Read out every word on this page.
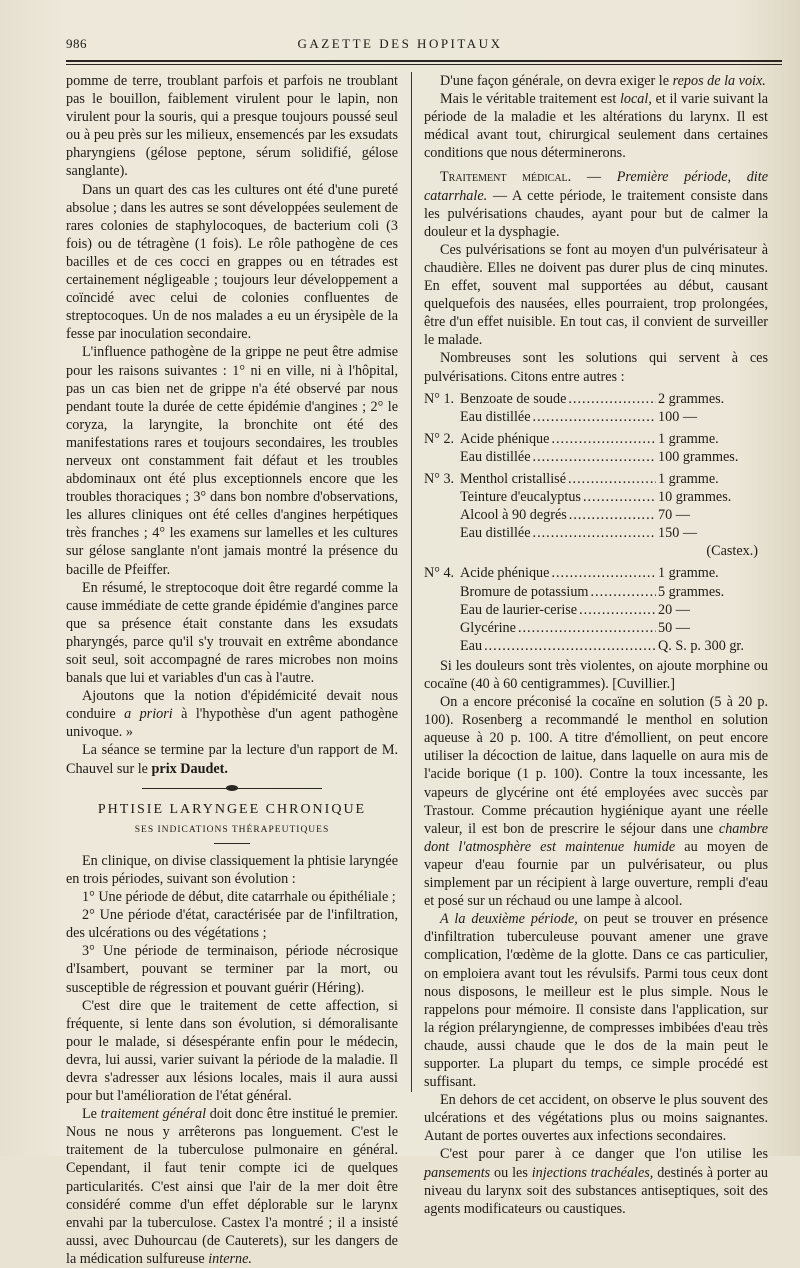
986	GAZETTE DES HOPITAUX

pomme de terre, troublant parfois et parfois ne troublant pas le bouillon, faiblement virulent pour le lapin, non virulent pour la souris, qui a presque toujours poussé seul ou à peu près sur les milieux, ensemencés par les exsudats pharyngiens (gélose peptone, sérum solidifié, gélose sanglante).

Dans un quart des cas les cultures ont été d'une pureté absolue ; dans les autres se sont développées seulement de rares colonies de staphylocoques, de bacterium coli (3 fois) ou de tétragène (1 fois). Le rôle pathogène de ces bacilles et de ces cocci en grappes ou en tétrades est certainement négligeable ; toujours leur développement a coïncidé avec celui de colonies confluentes de streptocoques. Un de nos malades a eu un érysipèle de la fesse par inoculation secondaire.

L'influence pathogène de la grippe ne peut être admise pour les raisons suivantes : 1° ni en ville, ni à l'hôpital, pas un cas bien net de grippe n'a été observé par nous pendant toute la durée de cette épidémie d'angines ; 2° le coryza, la laryngite, la bronchite ont été des manifestations rares et toujours secondaires, les troubles nerveux ont constamment fait défaut et les troubles abdominaux ont été plus exceptionnels encore que les troubles thoraciques ; 3° dans bon nombre d'observations, les allures cliniques ont été celles d'angines herpétiques très franches ; 4° les examens sur lamelles et les cultures sur gélose sanglante n'ont jamais montré la présence du bacille de Pfeiffer.

En résumé, le streptocoque doit être regardé comme la cause immédiate de cette grande épidémie d'angines parce que sa présence était constante dans les exsudats pharyngés, parce qu'il s'y trouvait en extrême abondance soit seul, soit accompagné de rares microbes non moins banals que lui et variables d'un cas à l'autre.

Ajoutons que la notion d'épidémicité devait nous conduire a priori à l'hypothèse d'un agent pathogène univoque. »

La séance se termine par la lecture d'un rapport de M. Chauvel sur le prix Daudet.

PHTISIE LARYNGEE CHRONIQUE
SES INDICATIONS THÉRAPEUTIQUES

En clinique, on divise classiquement la phtisie laryngée en trois périodes, suivant son évolution :

1° Une période de début, dite catarrhale ou épithéliale ;

2° Une période d'état, caractérisée par de l'infiltration, des ulcérations ou des végétations ;

3° Une période de terminaison, période nécrosique d'Isambert, pouvant se terminer par la mort, ou susceptible de régression et pouvant guérir (Héring).

C'est dire que le traitement de cette affection, si fréquente, si lente dans son évolution, si démoralisante pour le malade, si désespérante enfin pour le médecin, devra, lui aussi, varier suivant la période de la maladie. Il devra s'adresser aux lésions locales, mais il aura aussi pour but l'amélioration de l'état général.

Le traitement général doit donc être institué le premier. Nous ne nous y arrêterons pas longuement. C'est le traitement de la tuberculose pulmonaire en général. Cependant, il faut tenir compte ici de quelques particularités. C'est ainsi que l'air de la mer doit être considéré comme d'un effet déplorable sur le larynx envahi par la tuberculose. Castex l'a montré ; il a insisté aussi, avec Duhourcau (de Cauterets), sur les dangers de la médication sulfureuse interne.

D'une façon générale, on devra exiger le repos de la voix.

Mais le véritable traitement est local, et il varie suivant la période de la maladie et les altérations du larynx. Il est médical avant tout, chirurgical seulement dans certaines conditions que nous déterminerons.

Traitement médical. — Première période, dite catarrhale. — A cette période, le traitement consiste dans les pulvérisations chaudes, ayant pour but de calmer la douleur et la dysphagie.

Ces pulvérisations se font au moyen d'un pulvérisateur à chaudière. Elles ne doivent pas durer plus de cinq minutes. En effet, souvent mal supportées au début, causant quelquefois des nausées, elles pourraient, trop prolongées, être d'un effet nuisible. En tout cas, il convient de surveiller le malade.

Nombreuses sont les solutions qui servent à ces pulvérisations. Citons entre autres :

N° 1. Benzoate de soude .....	2 grammes.
Eau distillée .....	100 —
N° 2. Acide phénique .....	1 gramme.
Eau distillée .....	100 grammes.
N° 3. Menthol cristallisé .....	1 gramme.
Teinture d'eucalyptus .....	10 grammes.
Alcool à 90 degrés .....	70 —
Eau distillée .....	150 —
(Castex.)
N° 4. Acide phénique .....	1 gramme.
Bromure de potassium .....	5 grammes.
Eau de laurier-cerise .....	20 —
Glycérine .....	50 —
Eau .....	Q. S. p. 300 gr.

Si les douleurs sont très violentes, on ajoute morphine ou cocaïne (40 à 60 centigrammes). [Cuvillier.]

On a encore préconisé la cocaïne en solution (5 à 20 p. 100). Rosenberg a recommandé le menthol en solution aqueuse à 20 p. 100. A titre d'émollient, on peut encore utiliser la décoction de laitue, dans laquelle on aura mis de l'acide borique (1 p. 100). Contre la toux incessante, les vapeurs de glycérine ont été employées avec succès par Trastour. Comme précaution hygiénique ayant une réelle valeur, il est bon de prescrire le séjour dans une chambre dont l'atmosphère est maintenue humide au moyen de vapeur d'eau fournie par un pulvérisateur, ou plus simplement par un récipient à large ouverture, rempli d'eau et posé sur un réchaud ou une lampe à alcool.

A la deuxième période, on peut se trouver en présence d'infiltration tuberculeuse pouvant amener une grave complication, l'œdème de la glotte. Dans ce cas particulier, on emploiera avant tout les révulsifs. Parmi tous ceux dont nous disposons, le meilleur est le plus simple. Nous le rappelons pour mémoire. Il consiste dans l'application, sur la région prélaryngienne, de compresses imbibées d'eau très chaude, aussi chaude que le dos de la main peut le supporter. La plupart du temps, ce simple procédé est suffisant.

En dehors de cet accident, on observe le plus souvent des ulcérations et des végétations plus ou moins saignantes. Autant de portes ouvertes aux infections secondaires.

C'est pour parer à ce danger que l'on utilise les pansements ou les injections trachéales, destinés à porter au niveau du larynx soit des substances antiseptiques, soit des agents modificateurs ou caustiques.
